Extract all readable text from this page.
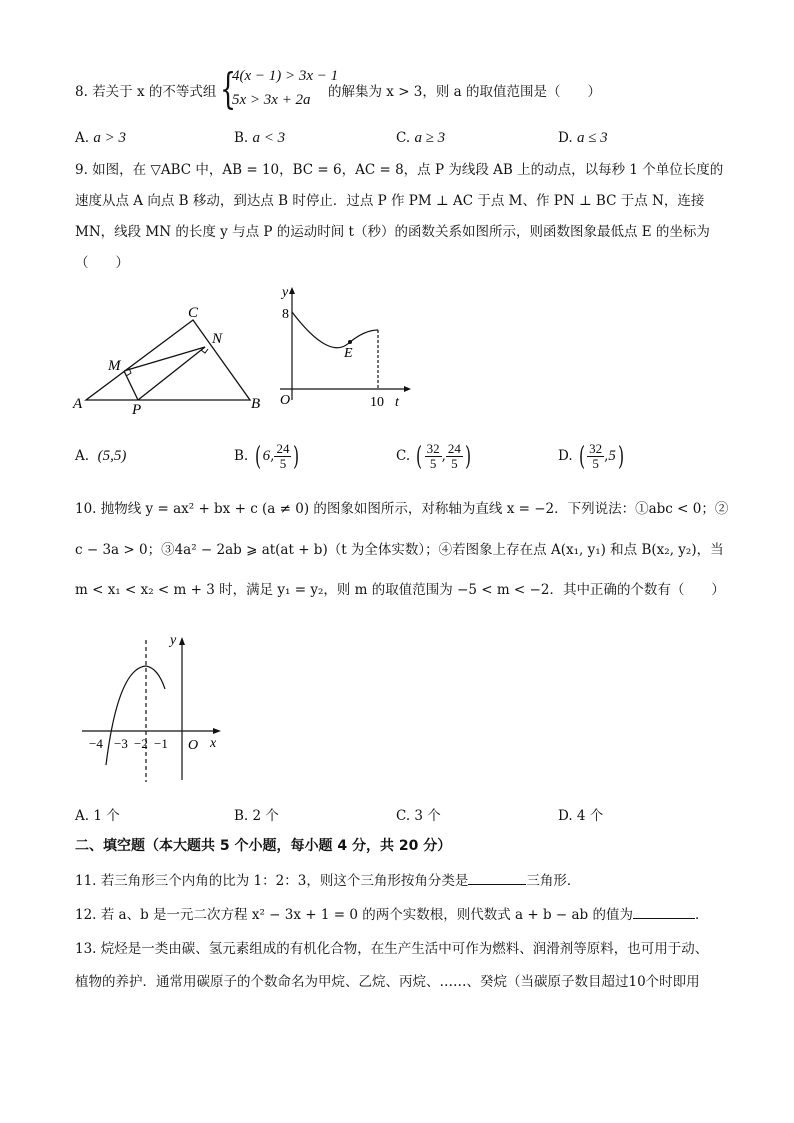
8. 若关于 x 的不等式组 {
4(x − 1) > 3x − 1
5x > 3x + 2a 的解集为 x > 3，则 a 的取值范围是（　　）
A. a > 3	B. a < 3	C. a ≥ 3	D. a ≤ 3
9. 如图，在 ▽ABC 中，AB = 10，BC = 6，AC = 8，点 P 为线段 AB 上的动点，以每秒 1 个单位长度的
速度从点 A 向点 B 移动，到达点 B 时停止．过点 P 作 PM ⊥ AC 于点 M、作 PN ⊥ BC 于点 N，连接
MN，线段 MN 的长度 y 与点 P 的运动时间 t（秒）的函数关系如图所示，则函数图象最低点 E 的坐标为
（　　）
A	B
C
M
N
P
y
8
O	10 t
E
A. (5,5)	B. ( 6, $\frac{24}{5}$ )	C. ( $\frac{32}{5}$ , $\frac{24}{5}$ )	D. ( $\frac{32}{5} ,5$)
10. 抛物线 y = ax² + bx + c (a ≠ 0) 的图象如图所示，对称轴为直线 x = −2．下列说法：①abc < 0；②
c − 3a > 0；③4a² − 2ab ⩾ at(at + b)（t 为全体实数）；④若图象上存在点 A(x₁, y₁) 和点 B(x₂, y₂)，当
m < x₁ < x₂ < m + 3 时，满足 y₁ = y₂，则 m 的取值范围为 −5 < m < −2．其中正确的个数有（　　）
y
x
O
−4 −3 −2 −1
A. 1 个	B. 2 个	C. 3 个	D. 4 个
二、填空题（本大题共 5 个小题，每小题 4 分，共 20 分）
11. 若三角形三个内角的比为 1：2：3，则这个三角形按角分类是	三角形．
12. 若 a、b 是一元二次方程 x² − 3x + 1 = 0 的两个实数根，则代数式 a + b − ab 的值为	．
13. 烷烃是一类由碳、氢元素组成的有机化合物，在生产生活中可作为燃料、润滑剂等原料，也可用于动、
植物的养护．通常用碳原子的个数命名为甲烷、乙烷、丙烷、……、癸烷（当碳原子数目超过10个时即用
